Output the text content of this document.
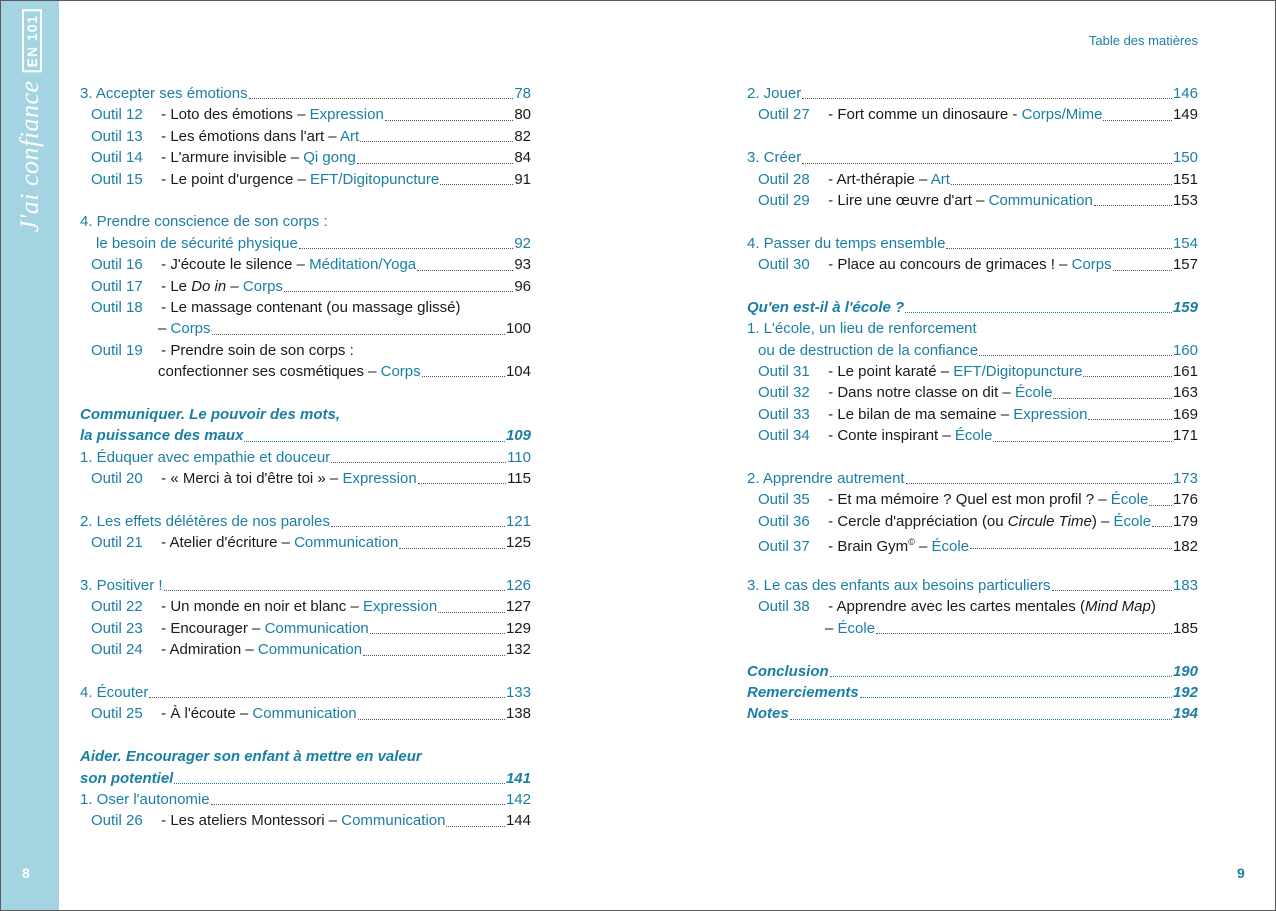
J'ai confianceEN 101
8	9
Table des matières
3. Accepter ses émotions	78
Outil 12 - Loto des émotions – Expression	80
Outil 13 - Les émotions dans l'art – Art	82
Outil 14 - L'armure invisible – Qi gong	84
Outil 15 - Le point d'urgence – EFT/Digitopuncture	91
4. Prendre conscience de son corps :
le besoin de sécurité physique	92
Outil 16 - J'écoute le silence – Méditation/Yoga	93
Outil 17 - Le Do in – Corps	96
Outil 18 - Le massage contenant (ou massage glissé)
– Corps	100
Outil 19 - Prendre soin de son corps :
confectionner ses cosmétiques – Corps	104
Communiquer. Le pouvoir des mots,
la puissance des maux	109
1. Éduquer avec empathie et douceur	110
Outil 20 - « Merci à toi d'être toi » – Expression	115
2. Les effets délétères de nos paroles	121
Outil 21 - Atelier d'écriture – Communication	125
3. Positiver !	126
Outil 22 - Un monde en noir et blanc – Expression	127
Outil 23 - Encourager – Communication	129
Outil 24 - Admiration – Communication	132
4. Écouter	133
Outil 25 - À l'écoute – Communication	138
Aider. Encourager son enfant à mettre en valeur
son potentiel	141
1. Oser l'autonomie	142
Outil 26 - Les ateliers Montessori – Communication	144
2. Jouer	146
Outil 27 - Fort comme un dinosaure - Corps/Mime	149
3. Créer	150
Outil 28 - Art-thérapie – Art	151
Outil 29 - Lire une œuvre d'art – Communication	153
4. Passer du temps ensemble	154
Outil 30 - Place au concours de grimaces ! – Corps	157
Qu'en est-il à l'école ?	159
1. L'école, un lieu de renforcement
ou de destruction de la confiance	160
Outil 31 - Le point karaté – EFT/Digitopuncture	161
Outil 32 - Dans notre classe on dit – École	163
Outil 33 - Le bilan de ma semaine – Expression	169
Outil 34 - Conte inspirant – École	171
2. Apprendre autrement	173
Outil 35 - Et ma mémoire ? Quel est mon profil ? – École 176
Outil 36 - Cercle d'appréciation (ou Circule Time) – École 179
Outil 37 - Brain Gym© – École	182
3. Le cas des enfants aux besoins particuliers	183
Outil 38 - Apprendre avec les cartes mentales (Mind Map)
– École	185
Conclusion	190
Remerciements	192
Notes	194
